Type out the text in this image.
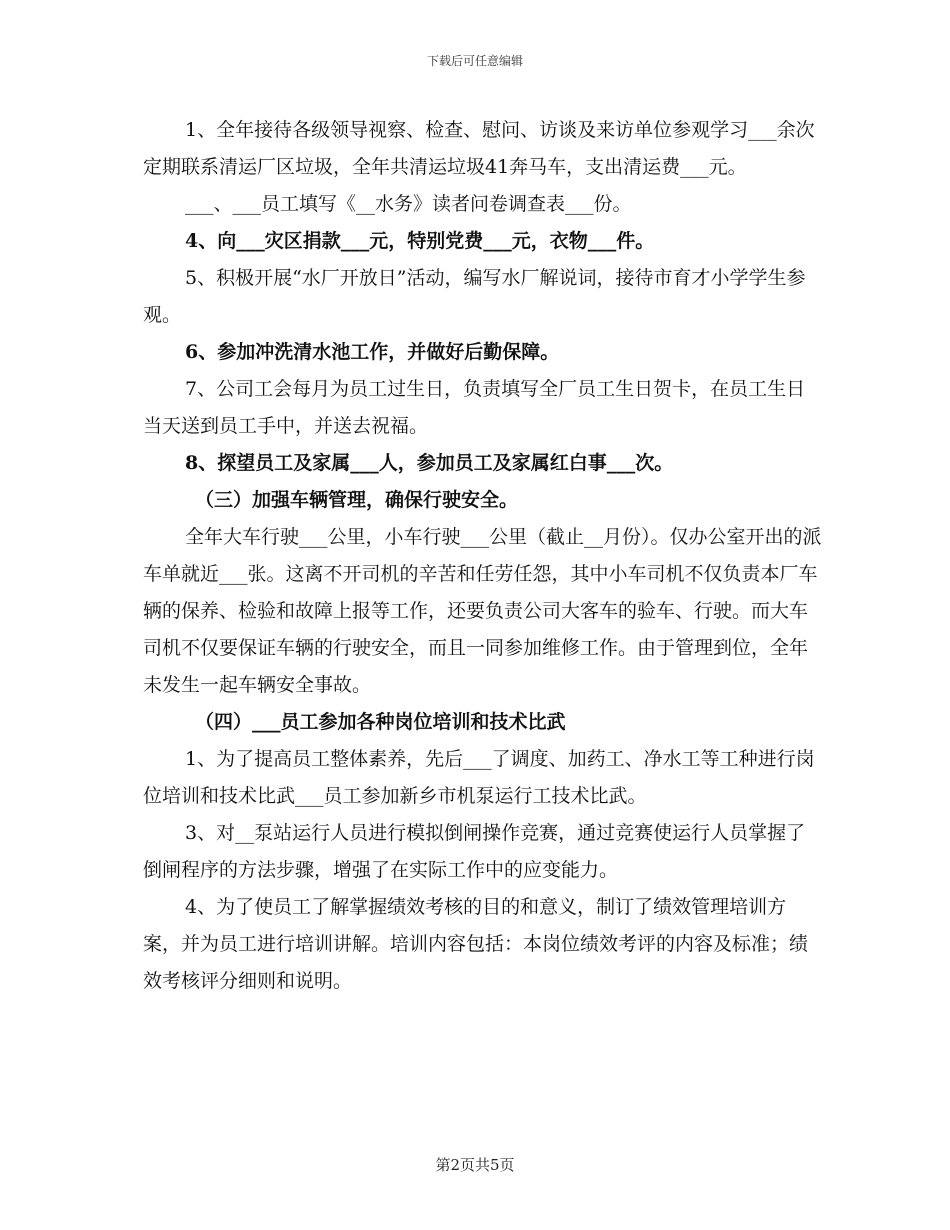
下载后可任意编辑

1、全年接待各级领导视察、检查、慰问、访谈及来访单位参观学习___余次定期联系清运厂区垃圾，全年共清运垃圾41奔马车，支出清运费___元。

___、___员工填写《__水务》读者问卷调查表___份。

4、向___灾区捐款___元，特别党费___元，衣物___件。

5、积极开展“水厂开放日”活动，编写水厂解说词，接待市育才小学学生参观。

6、参加冲洗清水池工作，并做好后勤保障。

7、公司工会每月为员工过生日，负责填写全厂员工生日贺卡，在员工生日当天送到员工手中，并送去祝福。

8、探望员工及家属___人，参加员工及家属红白事___次。

（三）加强车辆管理，确保行驶安全。

全年大车行驶___公里，小车行驶___公里（截止__月份）。仅办公室开出的派车单就近___张。这离不开司机的辛苦和任劳任怨，其中小车司机不仅负责本厂车辆的保养、检验和故障上报等工作，还要负责公司大客车的验车、行驶。而大车司机不仅要保证车辆的行驶安全，而且一同参加维修工作。由于管理到位，全年未发生一起车辆安全事故。

（四）___员工参加各种岗位培训和技术比武

1、为了提高员工整体素养，先后___了调度、加药工、净水工等工种进行岗位培训和技术比武___员工参加新乡市机泵运行工技术比武。

3、对__泵站运行人员进行模拟倒闸操作竞赛，通过竞赛使运行人员掌握了倒闸程序的方法步骤，增强了在实际工作中的应变能力。

4、为了使员工了解掌握绩效考核的目的和意义，制订了绩效管理培训方案，并为员工进行培训讲解。培训内容包括：本岗位绩效考评的内容及标准；绩效考核评分细则和说明。

第2页共5页
